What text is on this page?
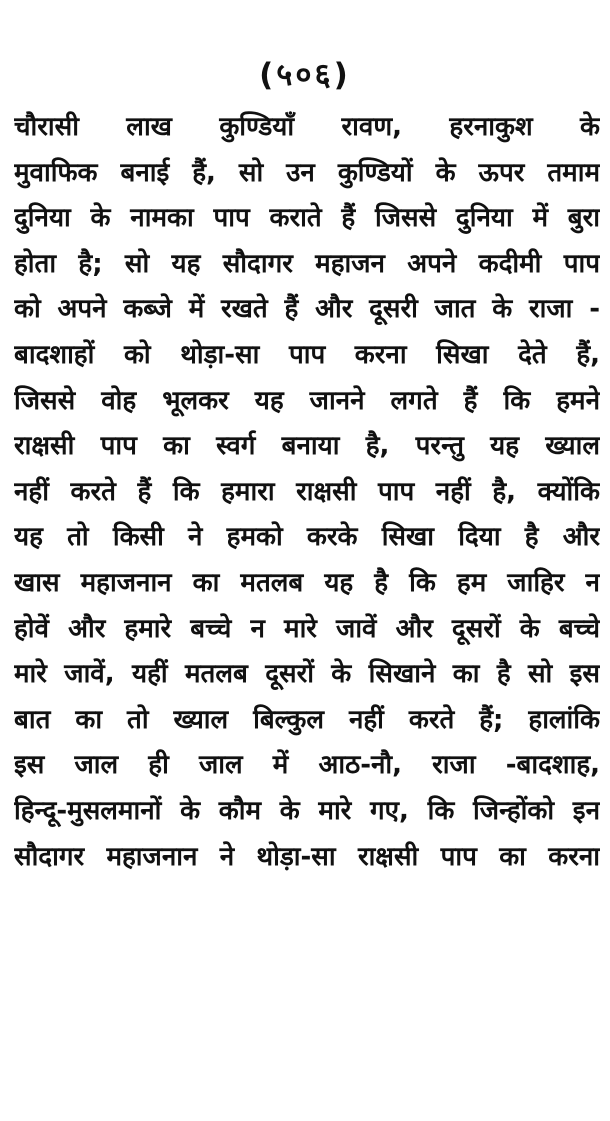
(५०६)
चौरासी लाख कुण्डियाँ रावण, हरनाकुश के
मुवाफिक बनाई हैं, सो उन कुण्डियों के ऊपर तमाम
दुनिया के नामका पाप कराते हैं जिससे दुनिया में बुरा
होता है; सो यह सौदागर महाजन अपने कदीमी पाप
को अपने कब्जे में रखते हैं और दूसरी जात के राजा -
बादशाहों को थोड़ा-सा पाप करना सिखा देते हैं,
जिससे वोह भूलकर यह जानने लगते हैं कि हमने
राक्षसी पाप का स्वर्ग बनाया है, परन्तु यह ख्याल
नहीं करते हैं कि हमारा राक्षसी पाप नहीं है, क्योंकि
यह तो किसी ने हमको करके सिखा दिया है और
खास महाजनान का मतलब यह है कि हम जाहिर न
होवें और हमारे बच्चे न मारे जावें और दूसरों के बच्चे
मारे जावें, यहीं मतलब दूसरों के सिखाने का है सो इस
बात का तो ख्याल बिल्कुल नहीं करते हैं; हालांकि
इस जाल ही जाल में आठ-नौ, राजा -बादशाह,
हिन्दू-मुसलमानों के कौम के मारे गए, कि जिन्होंको इन
सौदागर महाजनान ने थोड़ा-सा राक्षसी पाप का करना
